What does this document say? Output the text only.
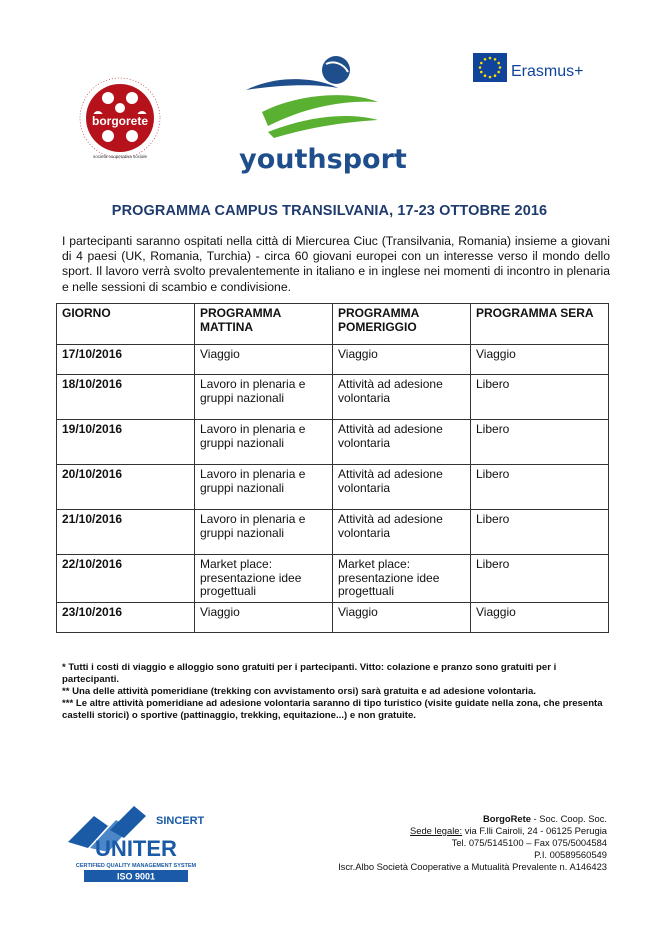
borgorete
società cooperativa sociale	youthsport
Erasmus+
PROGRAMMA CAMPUS TRANSILVANIA, 17-23 OTTOBRE 2016
I partecipanti saranno ospitati nella città di Miercurea Ciuc (Transilvania, Romania) insieme a giovani di 4 paesi (UK, Romania, Turchia) - circa 60 giovani europei con un interesse verso il mondo dello sport. Il lavoro verrà svolto prevalentemente in italiano e in inglese nei momenti di incontro in plenaria e nelle sessioni di scambio e condivisione.
GIORNO	PROGRAMMA MATTINA	PROGRAMMA POMERIGGIO	PROGRAMMA SERA
17/10/2016	Viaggio	Viaggio	Viaggio
18/10/2016	Lavoro in plenaria e gruppi nazionali	Attività ad adesione volontaria	Libero
19/10/2016	Lavoro in plenaria e gruppi nazionali	Attività ad adesione volontaria	Libero
20/10/2016	Lavoro in plenaria e gruppi nazionali	Attività ad adesione volontaria	Libero
21/10/2016	Lavoro in plenaria e gruppi nazionali	Attività ad adesione volontaria	Libero
22/10/2016	Market place: presentazione idee progettuali	Market place: presentazione idee progettuali	Libero
23/10/2016	Viaggio	Viaggio	Viaggio

* Tutti i costi di viaggio e alloggio sono gratuiti per i partecipanti. Vitto: colazione e pranzo sono gratuiti per i partecipanti.

** Una delle attività pomeridiane (trekking con avvistamento orsi) sarà gratuita e ad adesione volontaria.

*** Le altre attività pomeridiane ad adesione volontaria saranno di tipo turistico (visite guidate nella zona, che presenta castelli storici) o sportive (pattinaggio, trekking, equitazione...) e non gratuite.

SINCERT
UNITER
CERTIFIED QUALITY MANAGEMENT SYSTEM
ISO 9001
BorgoRete - Soc. Coop. Soc.
Sede legale: via F.lli Cairoli, 24 - 06125 Perugia
Tel. 075/5145100 – Fax 075/5004584
P.I. 00589560549
Iscr.Albo Società Cooperative a Mutualità Prevalente n. A146423
